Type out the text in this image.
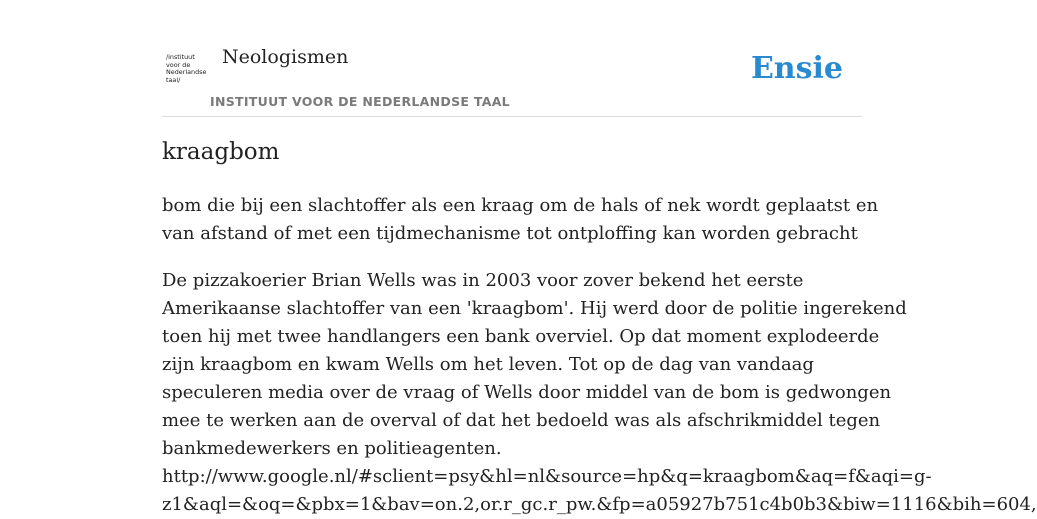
/instituut
voor de
Nederlandse
taal/
Neologismen
INSTITUUT VOOR DE NEDERLANDSE TAAL
Ensie
kraagbom

bom die bij een slachtoffer als een kraag om de hals of nek wordt geplaatst en

van afstand of met een tijdmechanisme tot ontploffing kan worden gebracht

De pizzakoerier Brian Wells was in 2003 voor zover bekend het eerste

Amerikaanse slachtoffer van een 'kraagbom'. Hij werd door de politie ingerekend

toen hij met twee handlangers een bank overviel. Op dat moment explodeerde

zijn kraagbom en kwam Wells om het leven. Tot op de dag van vandaag

speculeren media over de vraag of Wells door middel van de bom is gedwongen

mee te werken aan de overval of dat het bedoeld was als afschrikmiddel tegen

bankmedewerkers en politieagenten.

http://www.google.nl/#sclient=psy&hl=nl&source=hp&q=kraagbom&aq=f&aqi=g-
z1&aql=&oq=&pbx=1&bav=on.2,or.r_gc.r_pw.&fp=a05927b751c4b0b3&biw=1116&bih=604,
